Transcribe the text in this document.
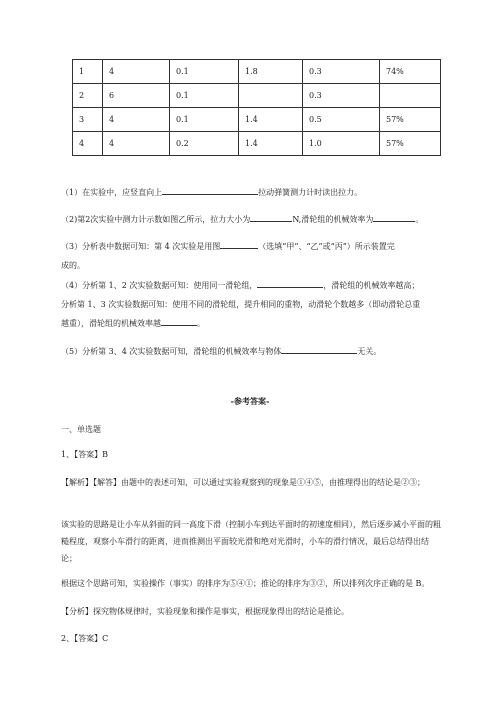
1	4	0.1	1.8	0.3	74%
2	6	0.1		0.3	
3	4	0.1	1.4	0.5	57%
4	4	0.2	1.4	1.0	57%
（1）在实验中，应竖直向上	拉动弹簧测力计时读出拉力。
（2)第2次实验中测力计示数如图乙所示，拉力大小为	N,滑轮组的机械效率为	。
（3）分析表中数据可知：第 4 次实验是用图	（选填“甲”、“乙”或“丙”）所示装置完
成的。
（4）分析第 1、2 次实验数据可知：使用同一滑轮组，	，滑轮组的机械效率越高；
分析第 1、3 次实验数据可知：使用不同的滑轮组，提升相同的重物，动滑轮个数越多（即动滑轮总重
越重），滑轮组的机械效率越	。
（5）分析第 3、4 次实验数据可知，滑轮组的机械效率与物体	无关。
-参考答案-
一、单选题
1、【答案】B
【解析】【解答】由题中的表述可知，可以通过实验观察到的现象是①④⑤，由推理得出的结论是②③；
该实验的思路是让小车从斜面的同一高度下滑（控制小车到达平面时的初速度相同），然后逐步减小平面的粗糙程度，观察小车滑行的距离，进而推测出平面较光滑和绝对光滑时，小车的滑行情况，最后总结得出结论；
根据这个思路可知，实验操作（事实）的排序为⑤④①；推论的排序为③②，所以排列次序正确的是 B。
【分析】探究物体规律时，实验现象和操作是事实，根据现象得出的结论是推论。
2、【答案】C
